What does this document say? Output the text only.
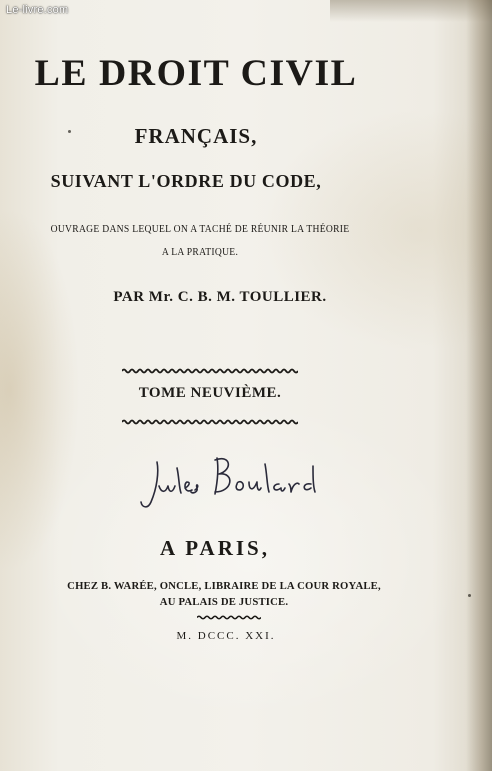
Le-livre.com
LE DROIT CIVIL
FRANÇAIS,
SUIVANT L'ORDRE DU CODE,
OUVRAGE DANS LEQUEL ON A TACHÉ DE RÉUNIR LA THÉORIE
A LA PRATIQUE.
PAR Mr. C. B. M. TOULLIER.
TOME NEUVIÈME.
A PARIS,
CHEZ B. WARÉE, ONCLE, LIBRAIRE DE LA COUR ROYALE,
AU PALAIS DE JUSTICE.
M. DCCC. XXI.
